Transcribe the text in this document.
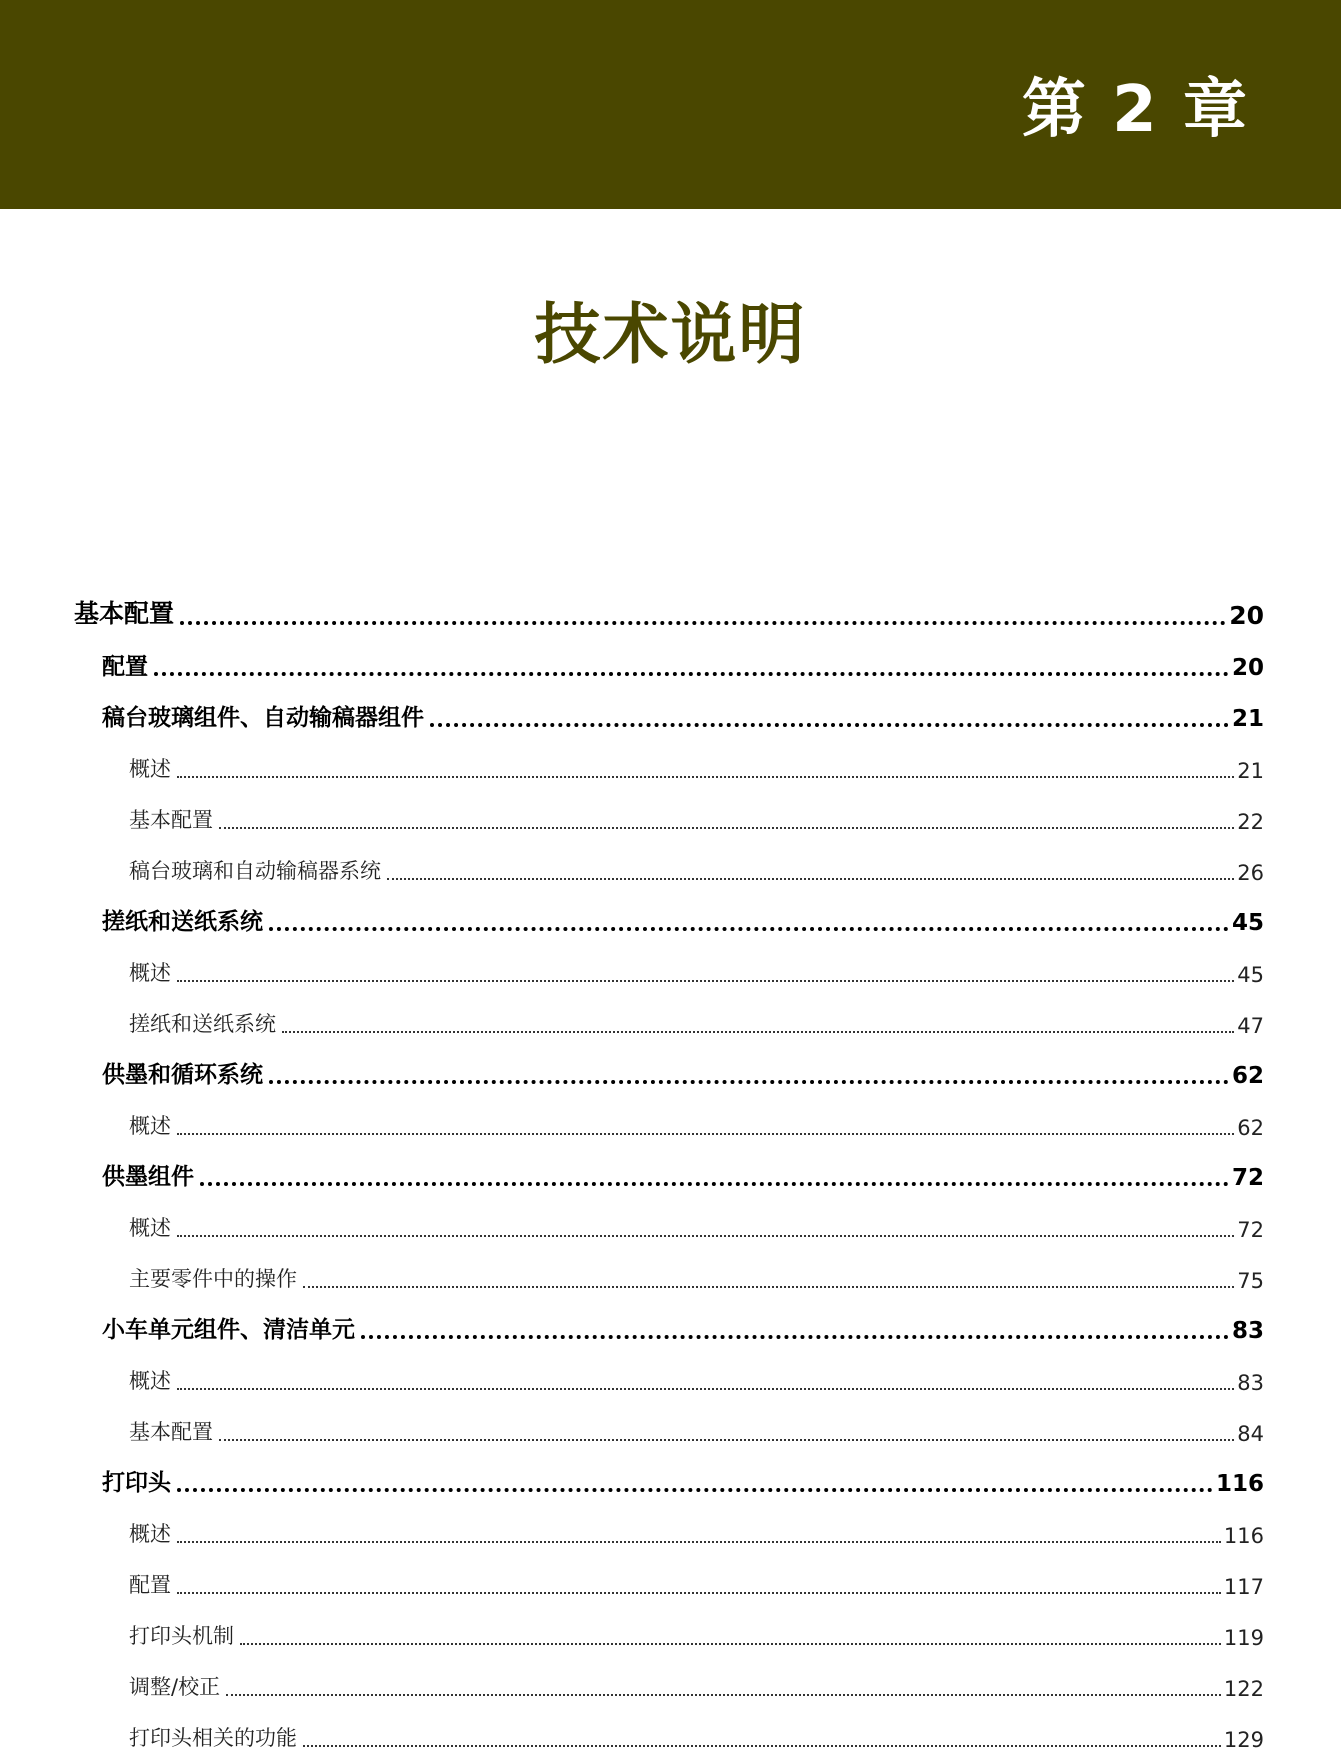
第 2 章
技术说明
基本配置	20
配置	20
稿台玻璃组件、自动输稿器组件	21
概述	21
基本配置	22
稿台玻璃和自动输稿器系统	26
搓纸和送纸系统	45
概述	45
搓纸和送纸系统	47
供墨和循环系统	62
概述	62
供墨组件	72
概述	72
主要零件中的操作	75
小车单元组件、清洁单元	83
概述	83
基本配置	84
打印头	116
概述	116
配置	117
打印头机制	119
调整/校正	122
打印头相关的功能	129
